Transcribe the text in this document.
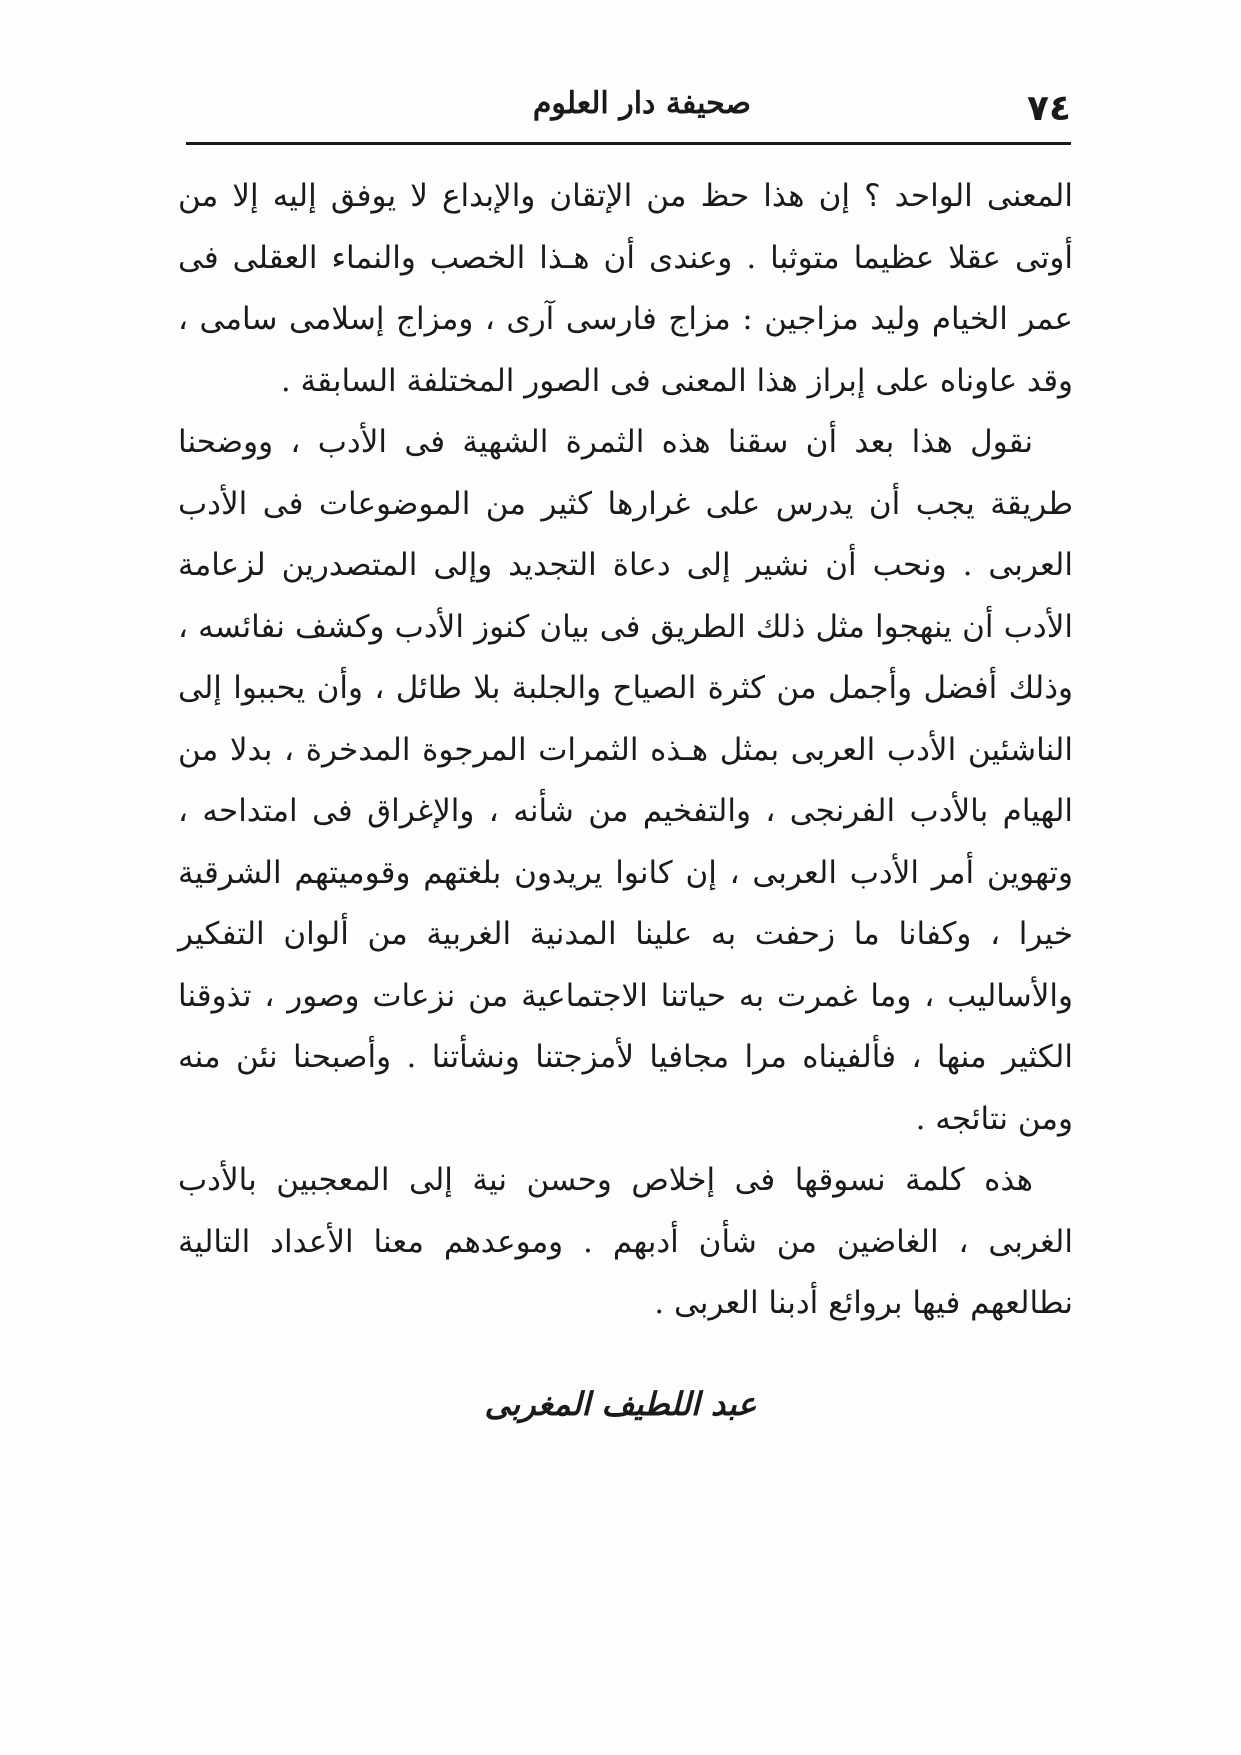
٧٤
صحيفة دار العلوم

المعنى الواحد ؟ إن هذا حظ من الإتقان والإبداع لا يوفق إليه إلا من أوتى عقلا عظيما متوثبا . وعندى أن هـذا الخصب والنماء العقلى فى عمر الخيام وليد مزاجين : مزاج فارسى آرى ، ومزاج إسلامى سامى ، وقد عاوناه على إبراز هذا المعنى فى الصور المختلفة السابقة .

نقول هذا بعد أن سقنا هذه الثمرة الشهية فى الأدب ، ووضحنا طريقة يجب أن يدرس على غرارها كثير من الموضوعات فى الأدب العربى . ونحب أن نشير إلى دعاة التجديد وإلى المتصدرين لزعامة الأدب أن ينهجوا مثل ذلك الطريق فى بيان كنوز الأدب وكشف نفائسه ، وذلك أفضل وأجمل من كثرة الصياح والجلبة بلا طائل ، وأن يحببوا إلى الناشئين الأدب العربى بمثل هـذه الثمرات المرجوة المدخرة ، بدلا من الهيام بالأدب الفرنجى ، والتفخيم من شأنه ، والإغراق فى امتداحه ، وتهوين أمر الأدب العربى ، إن كانوا يريدون بلغتهم وقوميتهم الشرقية خيرا ، وكفانا ما زحفت به علينا المدنية الغربية من ألوان التفكير والأساليب ، وما غمرت به حياتنا الاجتماعية من نزعات وصور ، تذوقنا الكثير منها ، فألفيناه مرا مجافيا لأمزجتنا ونشأتنا . وأصبحنا نئن منه ومن نتائجه .

هذه كلمة نسوقها فى إخلاص وحسن نية إلى المعجبين بالأدب الغربى ، الغاضين من شأن أدبهم . وموعدهم معنا الأعداد التالية نطالعهم فيها بروائع أدبنا العربى .

عبد اللطيف المغربى
